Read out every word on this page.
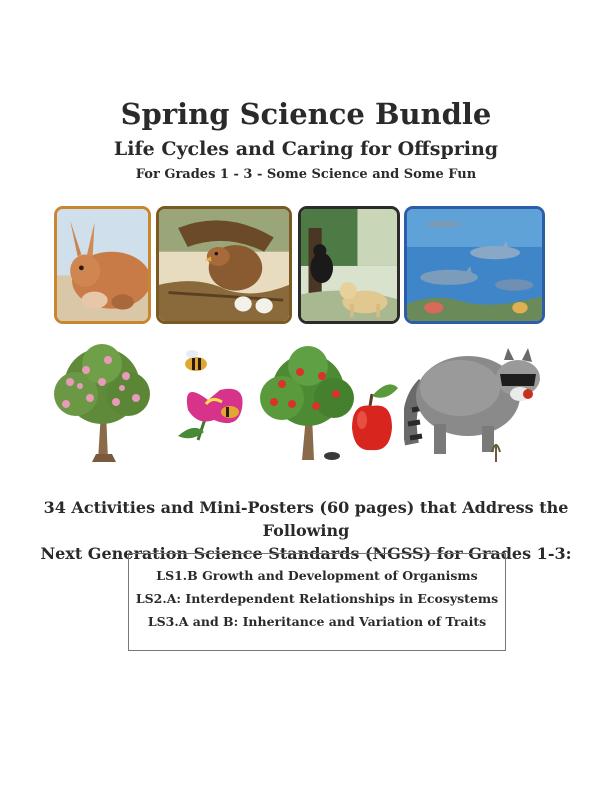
Spring Science Bundle
Life Cycles and Caring for Offspring
For Grades 1 - 3 - Some Science and Some Fun
34 Activities and Mini-Posters (60 pages) that Address the Following
Next Generation Science Standards (NGSS) for Grades 1-3:
LS1.B Growth and Development of Organisms
LS2.A: Interdependent Relationships in Ecosystems
LS3.A and B: Inheritance and Variation of Traits
